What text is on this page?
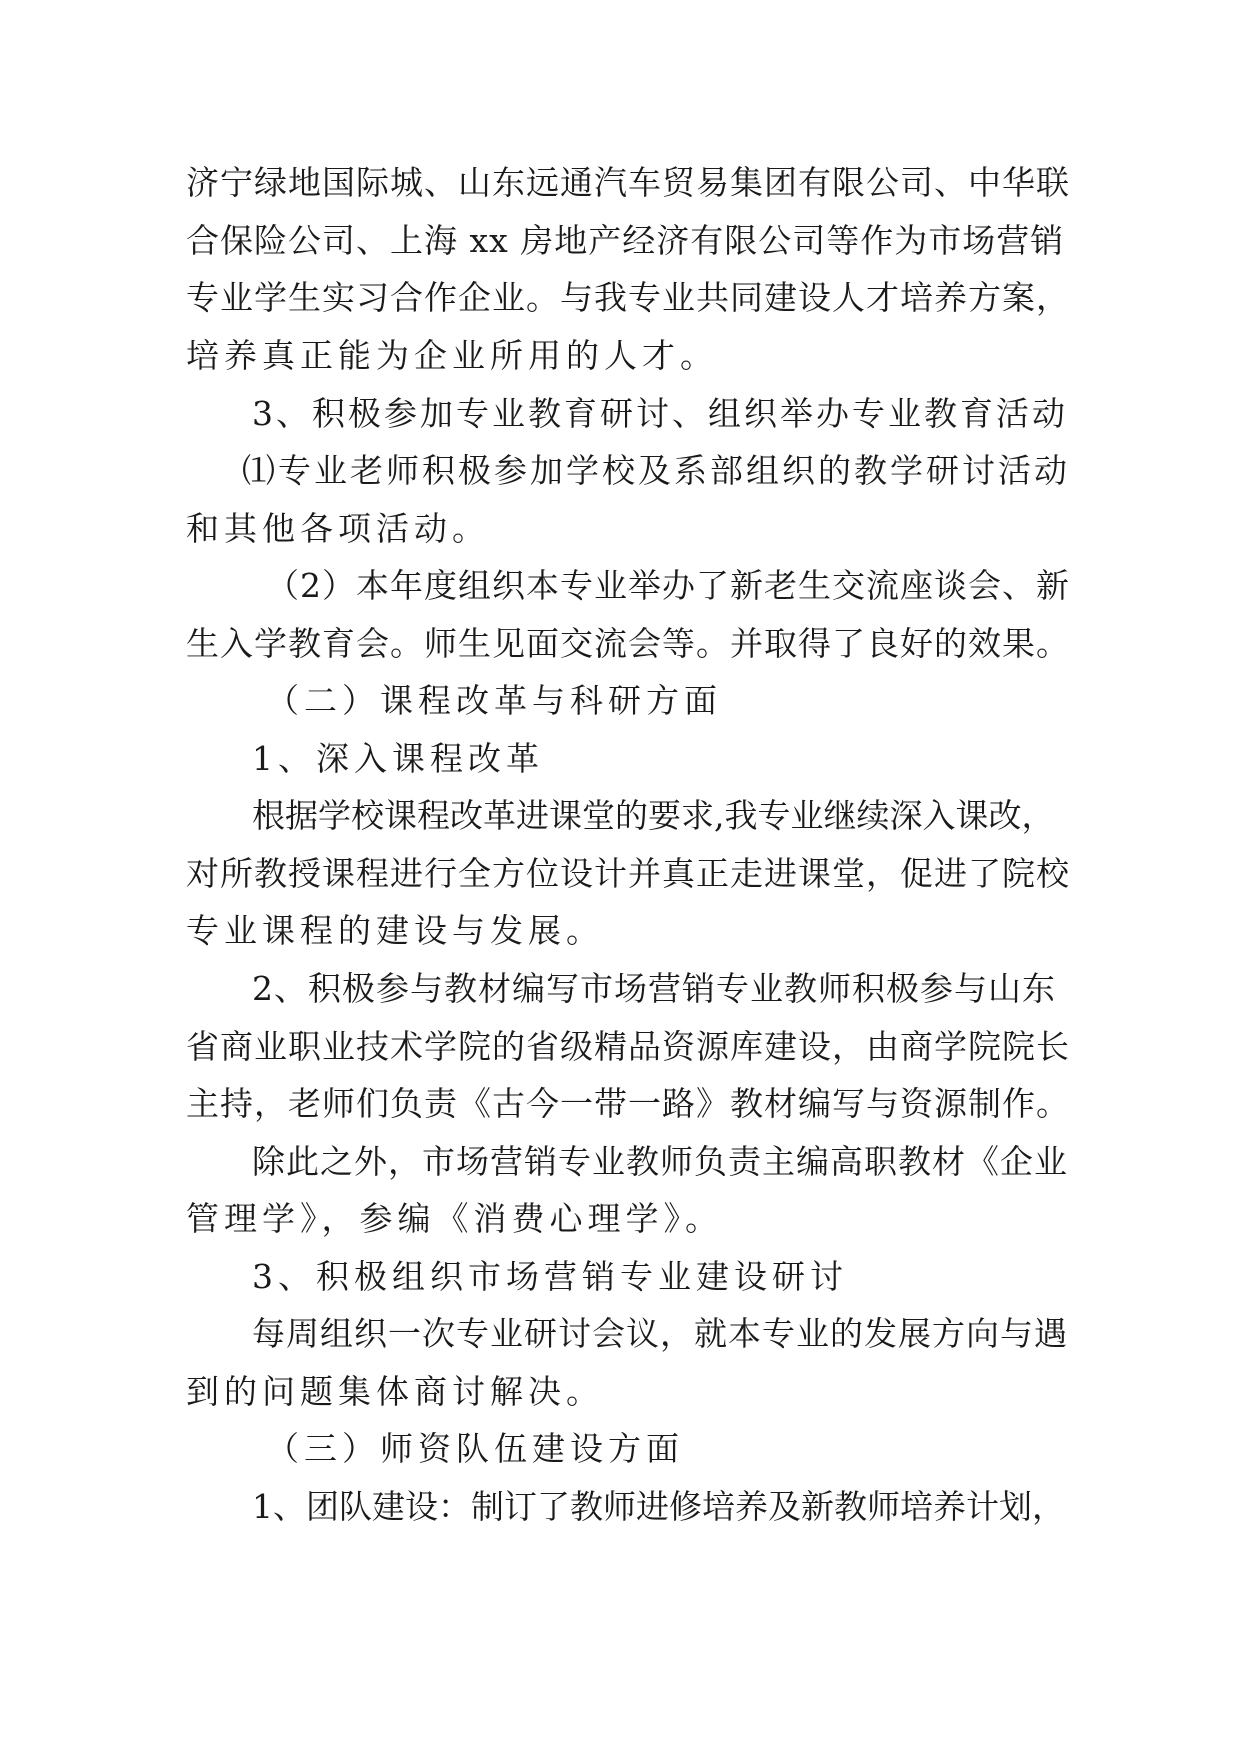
济宁绿地国际城、山东远通汽车贸易集团有限公司、中华联
合保险公司、上海 xx 房地产经济有限公司等作为市场营销
专业学生实习合作企业。与我专业共同建设人才培养方案，
培养真正能为企业所用的人才。
3、积极参加专业教育研讨、组织举办专业教育活动
⑴专业老师积极参加学校及系部组织的教学研讨活动
和其他各项活动。
（2）本年度组织本专业举办了新老生交流座谈会、新
生入学教育会。师生见面交流会等。并取得了良好的效果。
（二）课程改革与科研方面
1、深入课程改革
根据学校课程改革进课堂的要求,我专业继续深入课改，
对所教授课程进行全方位设计并真正走进课堂，促进了院校
专业课程的建设与发展。
2、积极参与教材编写市场营销专业教师积极参与山东
省商业职业技术学院的省级精品资源库建设，由商学院院长
主持，老师们负责《古今一带一路》教材编写与资源制作。
除此之外，市场营销专业教师负责主编高职教材《企业
管理学》，参编《消费心理学》。
3、积极组织市场营销专业建设研讨
每周组织一次专业研讨会议，就本专业的发展方向与遇
到的问题集体商讨解决。
（三）师资队伍建设方面
1、团队建设：制订了教师进修培养及新教师培养计划，
